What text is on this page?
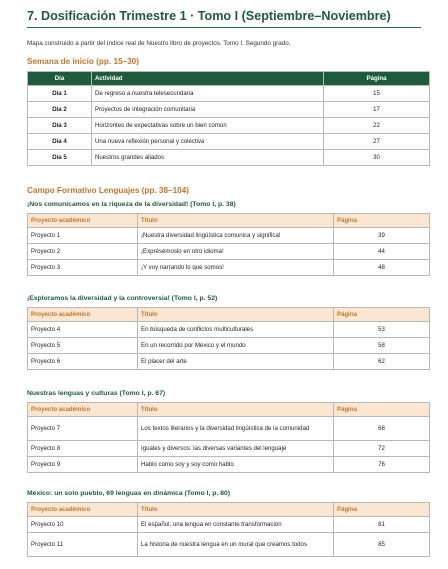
7. Dosificación Trimestre 1 · Tomo I (Septiembre–Noviembre)
Mapa construido a partir del índice real de Nuestro libro de proyectos. Tomo I. Segundo grado.
Semana de inicio (pp. 15–30)
Día	Actividad	Página
Día 1	De regreso a nuestra telesecundaria	15
Día 2	Proyectos de integración comunitaria	17
Día 3	Horizontes de expectativas sobre un bien común	22
Día 4	Una nueva reflexión personal y colectiva	27
Día 5	Nuestros grandes aliados	30
Campo Formativo Lenguajes (pp. 38–104)
¡Nos comunicamos en la riqueza de la diversidad! (Tomo I, p. 38)
Proyecto académico	Título	Página
Proyecto 1	¡Nuestra diversidad lingüística comunica y significa!	39
Proyecto 2	¡Exprésémoslo en otro idioma!	44
Proyecto 3	¡Y voy narrando lo que somos!	48
¡Exploramos la diversidad y la controversia! (Tomo I, p. 52)
Proyecto académico	Título	Página
Proyecto 4	En búsqueda de conflictos multiculturales	53
Proyecto 5	En un recorrido por México y el mundo	58
Proyecto 6	El placer del arte	62
Nuestras lenguas y culturas (Tomo I, p. 67)
Proyecto académico	Título	Página
Proyecto 7	Los textos literarios y la diversidad lingüística de la comunidad	68
Proyecto 8	Iguales y diversos: las diversas variantes del lenguaje	72
Proyecto 9	Hablo como soy y soy como hablo	76
México: un solo pueblo, 69 lenguas en dinámica (Tomo I, p. 80)
Proyecto académico	Título	Página
Proyecto 10	El español, una lengua en constante transformación	81
Proyecto 11	La historia de nuestra lengua en un mural que creamos todos	85
